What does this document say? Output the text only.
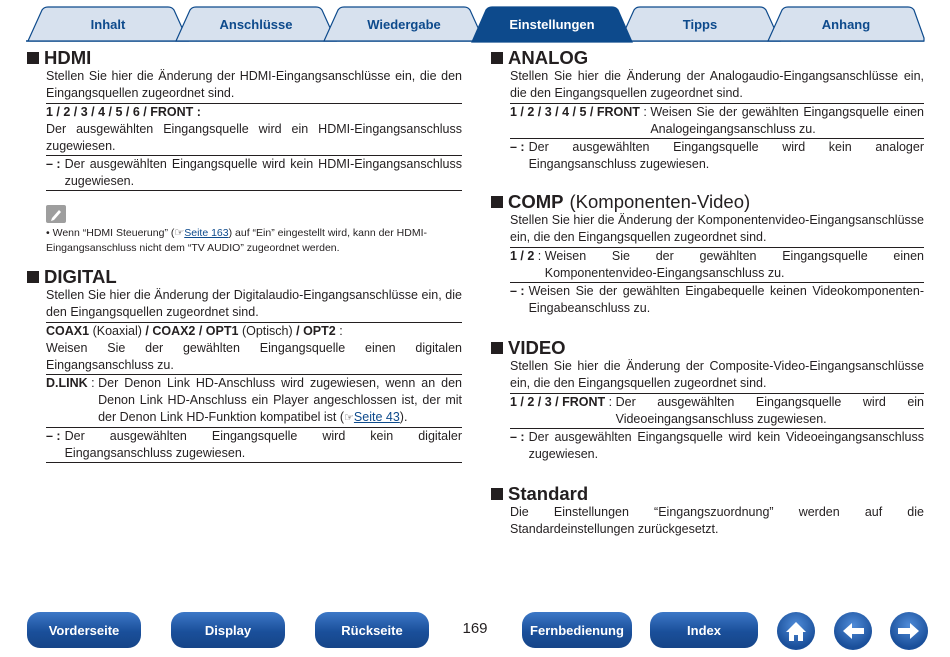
Inhalt	Anschlüsse	Wiedergabe	Einstellungen	Tipps	Anhang
HDMI
Stellen Sie hier die Änderung der HDMI-Eingangsanschlüsse ein, die den Eingangsquellen zugeordnet sind.
1 / 2 / 3 / 4 / 5 / 6 / FRONT :
Der ausgewählten Eingangsquelle wird ein HDMI-Eingangsanschluss zugewiesen.
– : Der ausgewählten Eingangsquelle wird kein HDMI-Eingangsanschluss zugewiesen.
• Wenn “HDMI Steuerung” (☞Seite 163) auf “Ein” eingestellt wird, kann der HDMI-Eingangsanschluss nicht dem “TV AUDIO” zugeordnet werden.
DIGITAL
Stellen Sie hier die Änderung der Digitalaudio-Eingangsanschlüsse ein, die den Eingangsquellen zugeordnet sind.
COAX1 (Koaxial) / COAX2 / OPT1 (Optisch) / OPT2 :
Weisen Sie der gewählten Eingangsquelle einen digitalen Eingangsanschluss zu.
D.LINK : Der Denon Link HD-Anschluss wird zugewiesen, wenn an den Denon Link HD-Anschluss ein Player angeschlossen ist, der mit der Denon Link HD-Funktion kompatibel ist (☞Seite 43).
– : Der ausgewählten Eingangsquelle wird kein digitaler Eingangsanschluss zugewiesen.
ANALOG
Stellen Sie hier die Änderung der Analogaudio-Eingangsanschlüsse ein, die den Eingangsquellen zugeordnet sind.
1 / 2 / 3 / 4 / 5 / FRONT : Weisen Sie der gewählten Eingangsquelle einen Analogeingangsanschluss zu.
– : Der ausgewählten Eingangsquelle wird kein analoger Eingangsanschluss zugewiesen.
COMP (Komponenten-Video)
Stellen Sie hier die Änderung der Komponentenvideo-Eingangsanschlüsse ein, die den Eingangsquellen zugeordnet sind.
1 / 2 : Weisen Sie der gewählten Eingangsquelle einen Komponentenvideo-Eingangsanschluss zu.
– : Weisen Sie der gewählten Eingabequelle keinen Videokomponenten-Eingabeanschluss zu.
VIDEO
Stellen Sie hier die Änderung der Composite-Video-Eingangsanschlüsse ein, die den Eingangsquellen zugeordnet sind.
1 / 2 / 3 / FRONT : Der ausgewählten Eingangsquelle wird ein Videoeingangsanschluss zugewiesen.
– : Der ausgewählten Eingangsquelle wird kein Videoeingangsanschluss zugewiesen.
Standard
Die Einstellungen “Eingangszuordnung” werden auf die Standardeinstellungen zurückgesetzt.
Vorderseite	Display	Rückseite	169	Fernbedienung	Index
